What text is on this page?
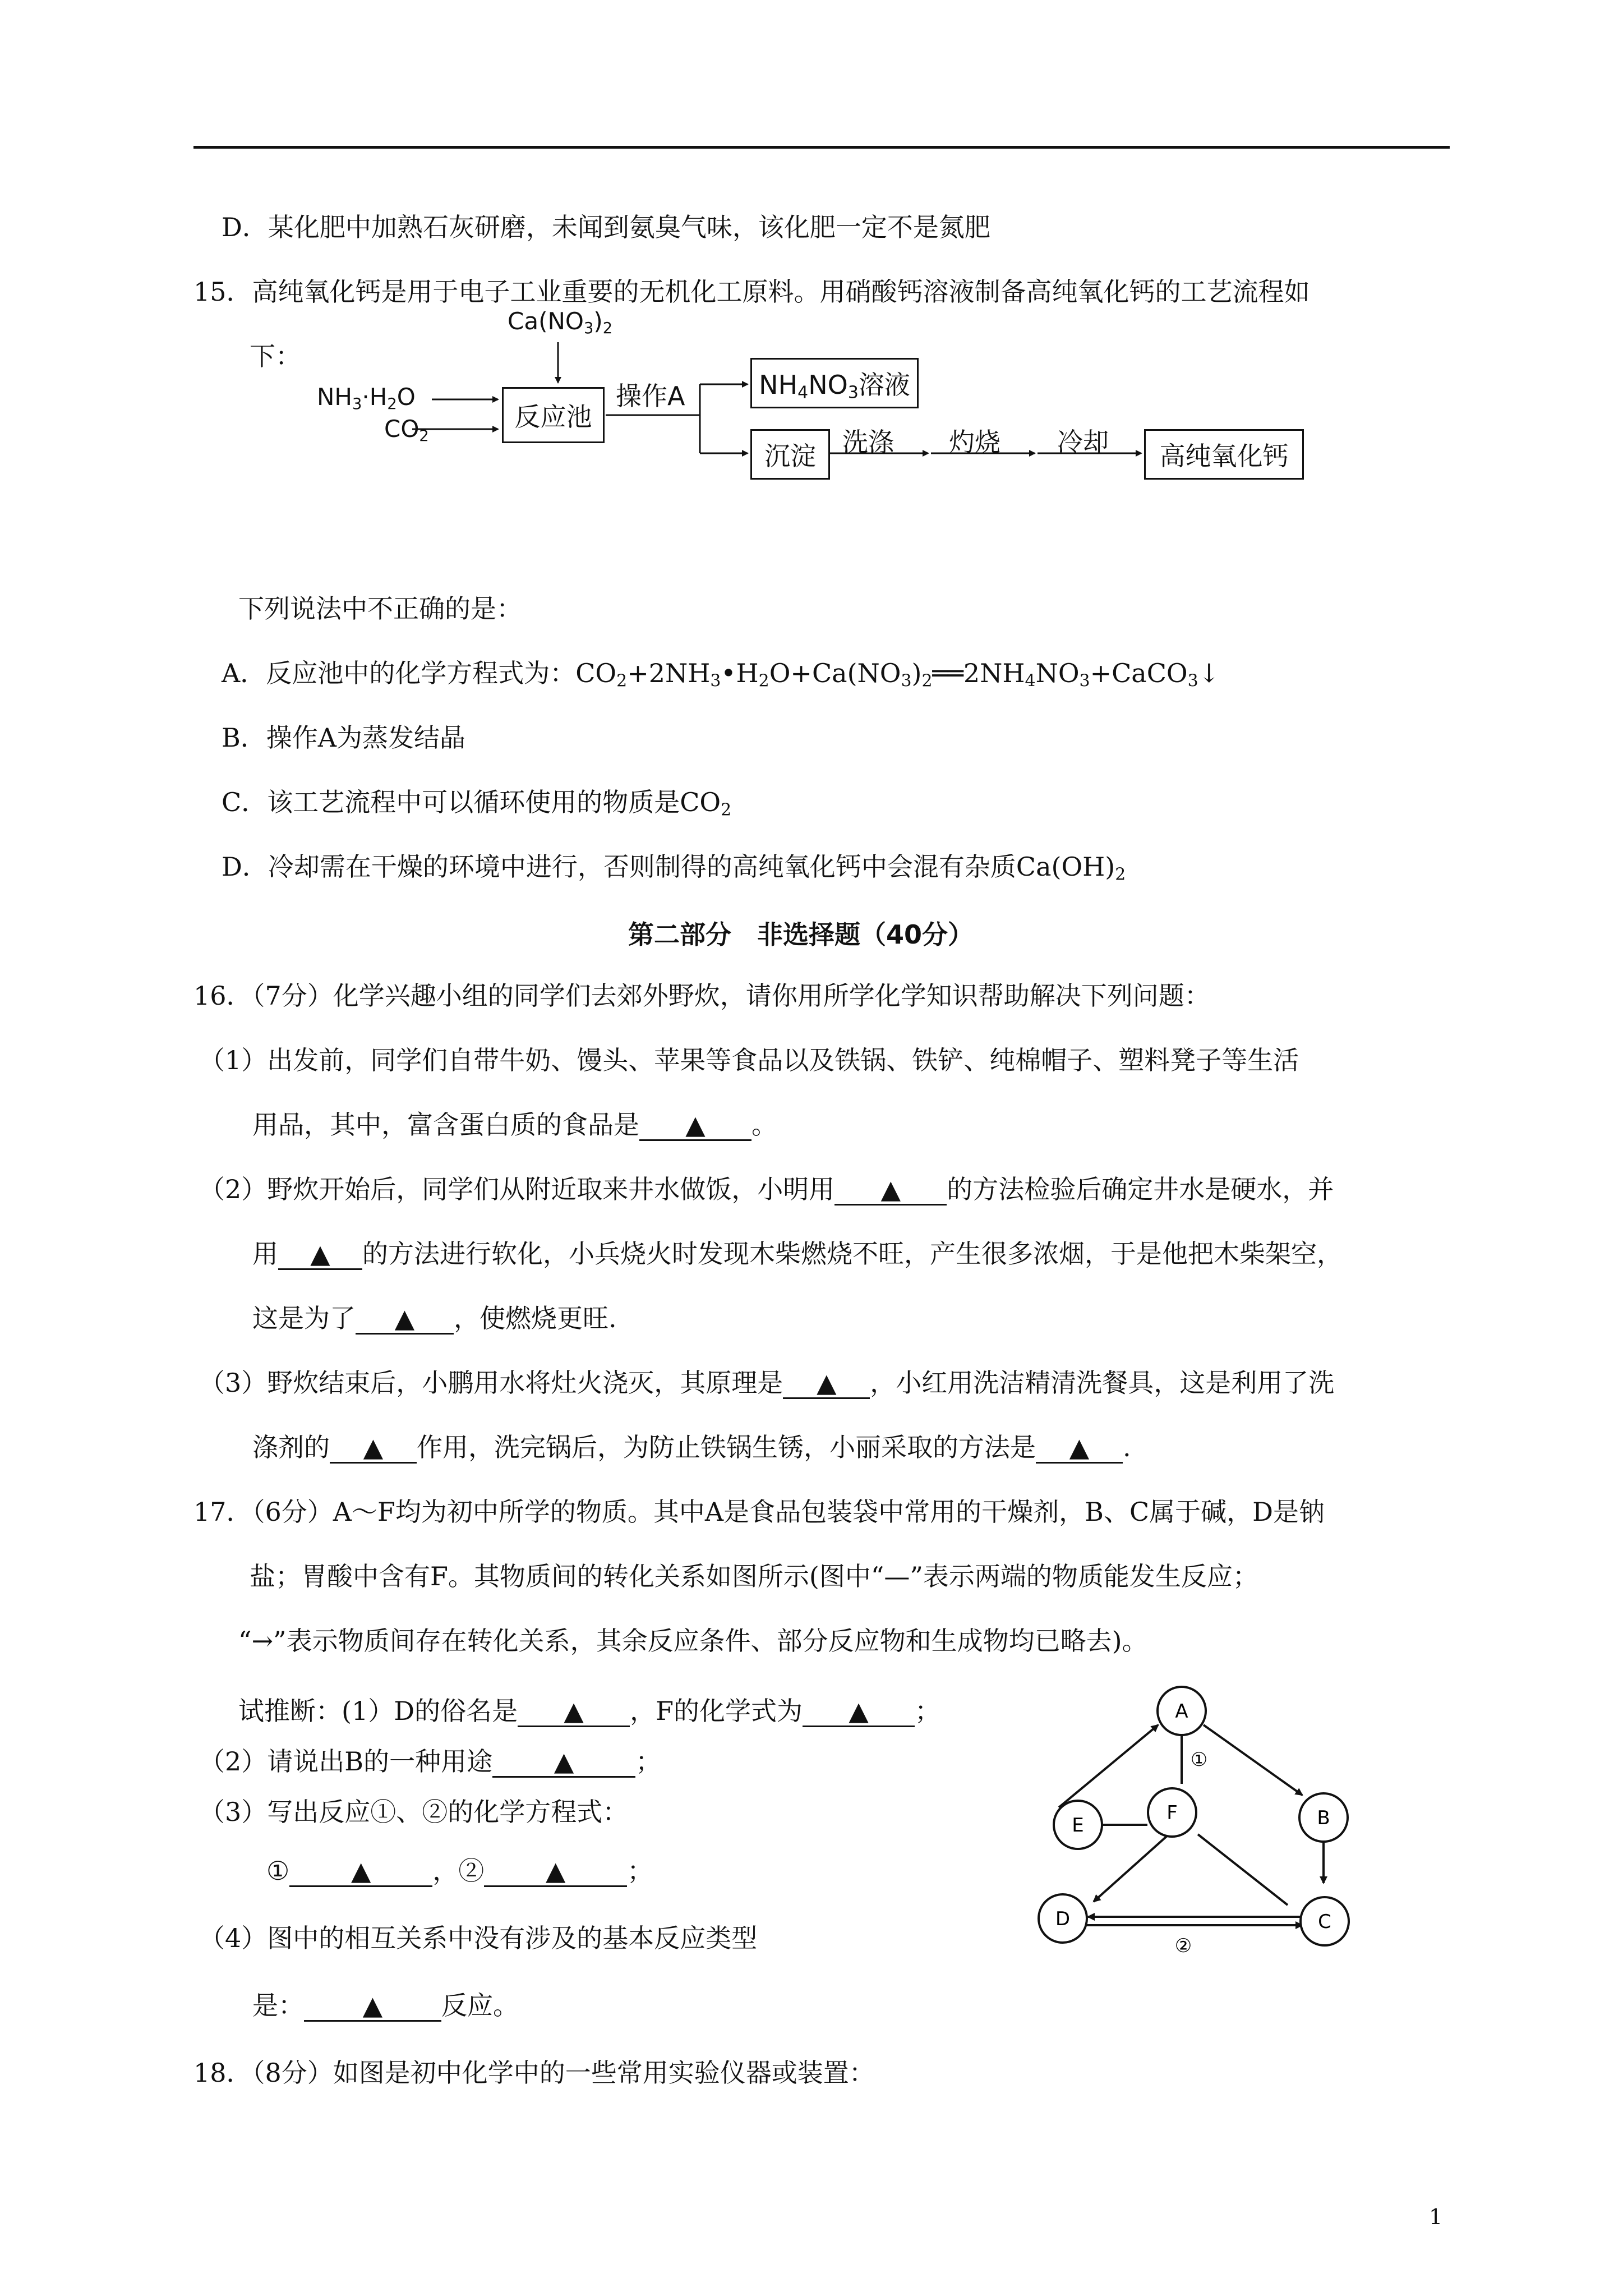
D．某化肥中加熟石灰研磨，未闻到氨臭气味，该化肥一定不是氮肥
15．高纯氧化钙是用于电子工业重要的无机化工原料。用硝酸钙溶液制备高纯氧化钙的工艺流程如
下：
$Ca(NO_3)_2$
$NH_3\cdot H_2O$
$CO_2$
反应池
操作A	$NH_4NO_3$溶液
沉淀 洗涤 灼烧 冷却 高纯氧化钙
下列说法中不正确的是：
A．反应池中的化学方程式为：$CO_2+2NH_3•H_2O+Ca(NO_3)_2══2NH_4NO_3+CaCO_3↓$
B．操作A为蒸发结晶
C．该工艺流程中可以循环使用的物质是$CO_2$
D．冷却需在干燥的环境中进行，否则制得的高纯氧化钙中会混有杂质$Ca(OH)_2$
第二部分　非选择题（40分）
16．（7分）化学兴趣小组的同学们去郊外野炊，请你用所学化学知识帮助解决下列问题：
（1）出发前，同学们自带牛奶、馒头、苹果等食品以及铁锅、铁铲、纯棉帽子、塑料凳子等生活
用品，其中，富含蛋白质的食品是 ▲ 。
（2）野炊开始后，同学们从附近取来井水做饭，小明用 ▲ 的方法检验后确定井水是硬水，并
用 ▲ 的方法进行软化，小兵烧火时发现木柴燃烧不旺，产生很多浓烟，于是他把木柴架空，
这是为了 ▲ ，使燃烧更旺.
（3）野炊结束后，小鹏用水将灶火浇灭，其原理是 ▲ ，小红用洗洁精清洗餐具，这是利用了洗
涤剂的 ▲ 作用，洗完锅后，为防止铁锅生锈，小丽采取的方法是 ▲ .
17．（6分）A～F均为初中所学的物质。其中A是食品包装袋中常用的干燥剂，B、C属于碱，D是钠
盐；胃酸中含有F。其物质间的转化关系如图所示(图中“—”表示两端的物质能发生反应；
“→”表示物质间存在转化关系，其余反应条件、部分反应物和生成物均已略去)。
试推断：(1）D的俗名是 ▲ ，F的化学式为 ▲ ；
（2）请说出B的一种用途 ▲ ；
（3）写出反应①、②的化学方程式：
① ▲ ，② ▲ ；
（4）图中的相互关系中没有涉及的基本反应类型
是： ▲ 反应。
A
B
C
D
E
F
①
②
18．（8分）如图是初中化学中的一些常用实验仪器或装置：
1
